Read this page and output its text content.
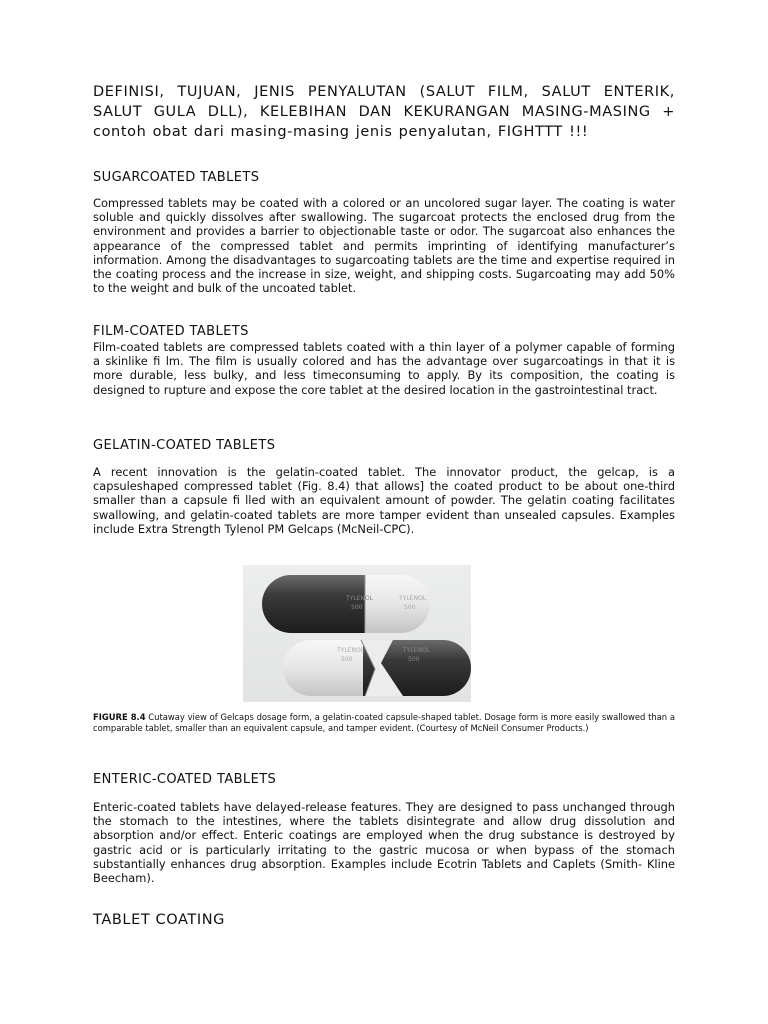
DEFINISI, TUJUAN, JENIS PENYALUTAN (SALUT FILM, SALUT ENTERIK, SALUT GULA DLL), KELEBIHAN DAN KEKURANGAN MASING-MASING + contoh obat dari masing-masing jenis penyalutan, FIGHTTT !!!
SUGARCOATED TABLETS

Compressed tablets may be coated with a colored or an uncolored sugar layer. The coating is water soluble and quickly dissolves after swallowing. The sugarcoat protects the enclosed drug from the environment and provides a barrier to objectionable taste or odor. The sugarcoat also enhances the appearance of the compressed tablet and permits imprinting of identifying manufacturer’s information. Among the disadvantages to sugarcoating tablets are the time and expertise required in the coating process and the increase in size, weight, and shipping costs. Sugarcoating may add 50% to the weight and bulk of the uncoated tablet.

FILM-COATED TABLETS

Film-coated tablets are compressed tablets coated with a thin layer of a polymer capable of forming a skinlike fi lm. The film is usually colored and has the advantage over sugarcoatings in that it is more durable, less bulky, and less timeconsuming to apply. By its composition, the coating is designed to rupture and expose the core tablet at the desired location in the gastrointestinal tract.

GELATIN-COATED TABLETS

A recent innovation is the gelatin-coated tablet. The innovator product, the gelcap, is a capsuleshaped compressed tablet (Fig. 8.4) that allows] the coated product to be about one-third smaller than a capsule fi lled with an equivalent amount of powder. The gelatin coating facilitates swallowing, and gelatin-coated tablets are more tamper evident than unsealed capsules. Examples include Extra Strength Tylenol PM Gelcaps (McNeil-CPC).

TYLENOL
500
TYLENOL
500
TYLENOL
500
TYLENOL
500
FIGURE 8.4 Cutaway view of Gelcaps dosage form, a gelatin-coated capsule-shaped tablet. Dosage form is more easily swallowed than a comparable tablet, smaller than an equivalent capsule, and tamper evident. (Courtesy of McNeil Consumer Products.)
ENTERIC-COATED TABLETS

Enteric-coated tablets have delayed-release features. They are designed to pass unchanged through the stomach to the intestines, where the tablets disintegrate and allow drug dissolution and absorption and/or effect. Enteric coatings are employed when the drug substance is destroyed by gastric acid or is particularly irritating to the gastric mucosa or when bypass of the stomach substantially enhances drug absorption. Examples include Ecotrin Tablets and Caplets (Smith- Kline Beecham).

TABLET COATING
